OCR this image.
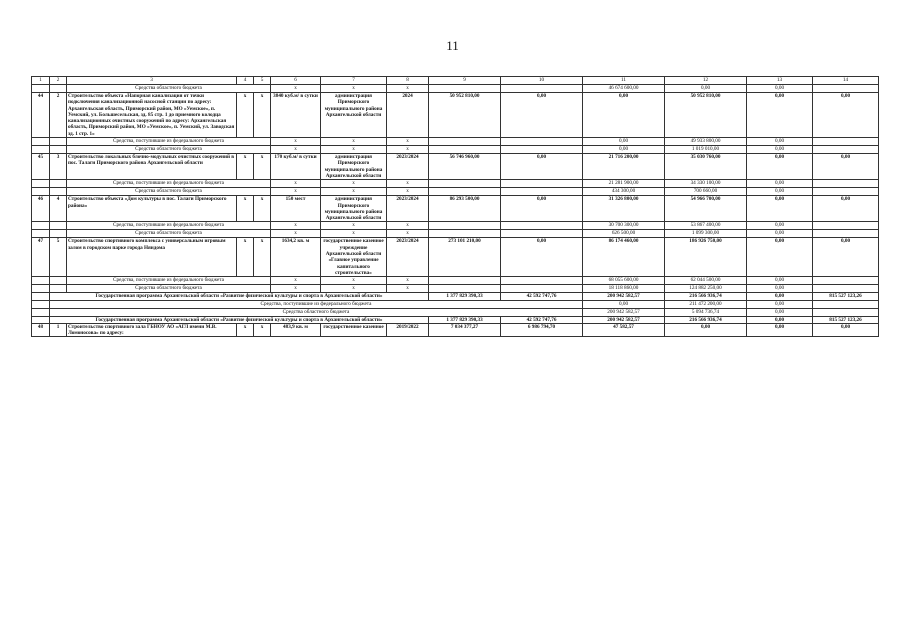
11
1	2	3	4	5	6	7	8	9	10	11	12	13	14
		Средства областного бюджета			x	x	x			46 674 600,00	0,00	0,00	
44	2	Строительство объекта «Напорная канализация от точки подключения канализационной насосной станции по адресу: Архангельская область, Приморский район, МО «Уемское», п. Уемский, ул. Большесельская, зд. 85 стр. 1 до приемного колодца канализационных очистных сооружений по адресу: Архангельская область, Приморский район, МО «Уемское», п. Уемский, ул. Заводская зд. 1 стр. 1»	x	x	3840 куб.м/ в сутки	администрация Приморского муниципального района Архангельской области	2024	50 952 810,00	0,00	0,00	50 952 810,00	0,00	0,00
		Средства, поступившие из федерального бюджета			x	x	x			0,00	49 933 800,00	0,00	
		Средства областного бюджета			x	x	x			0,00	1 019 010,00	0,00	
45	3	Строительство локальных блочно-модульных очистных сооружений в пос. Талаги Приморского района Архангельской области	x	x	170 куб.м/ в сутки	администрация Приморского муниципального района Архангельской области	2023/2024	56 746 960,00	0,00	21 716 200,00	35 030 760,00	0,00	0,00
		Средства, поступившие из федерального бюджета			x	x	x			21 281 900,00	34 330 100,00	0,00	
		Средства областного бюджета			x	x	x			434 300,00	700 660,00	0,00	
46	4	Строительство объекта «Дом культуры в пос. Талаги Приморского района»	x	x	150 мест	администрация Приморского муниципального района Архангельской области	2023/2024	86 293 500,00	0,00	31 326 800,00	54 966 700,00	0,00	0,00
		Средства, поступившие из федерального бюджета			x	x	x			30 700 300,00	53 867 400,00	0,00	
		Средства областного бюджета			x	x	x			626 500,00	1 099 300,00	0,00	
47	5	Строительство спортивного комплекса с универсальным игровым залом в городском парке города Няндома	x	x	1634,2 кв. м	государственное казенное учреждение Архангельской области «Главное управление капитального строительства»	2023/2024	273 101 210,00	0,00	86 174 460,00	186 926 750,00	0,00	0,00
		Средства, поступившие из федерального бюджета			x	x	x			68 055 600,00	62 044 500,00	0,00	
		Средства областного бюджета			x	x	x			18 118 860,00	124 882 250,00	0,00	
	Государственная программа Архангельской области «Развитие физической культуры и спорта в Архангельской области»							1 377 829 390,33	42 592 747,76	200 942 582,57	216 566 936,74	0,00	815 527 123,26
	Средства, поступившие из федерального бюджета									0,00	211 472 200,00	0,00	
	Средства областного бюджета									200 942 582,57	5 094 736,74	0,00	
	Государственная программа Архангельской области «Развитие физической культуры и спорта в Архангельской области»							1 377 829 390,33	42 592 747,76	200 942 582,57	216 566 936,74	0,00	815 527 123,26
48	1	Строительство спортивного зала ГБНОУ АО «АГЛ имени М.В. Ломоносова» по адресу:	x	x	483,9 кв. м	государственное казенное	2019/2022	7 034 377,27	6 986 794,70	47 582,57	0,00	0,00	0,00
